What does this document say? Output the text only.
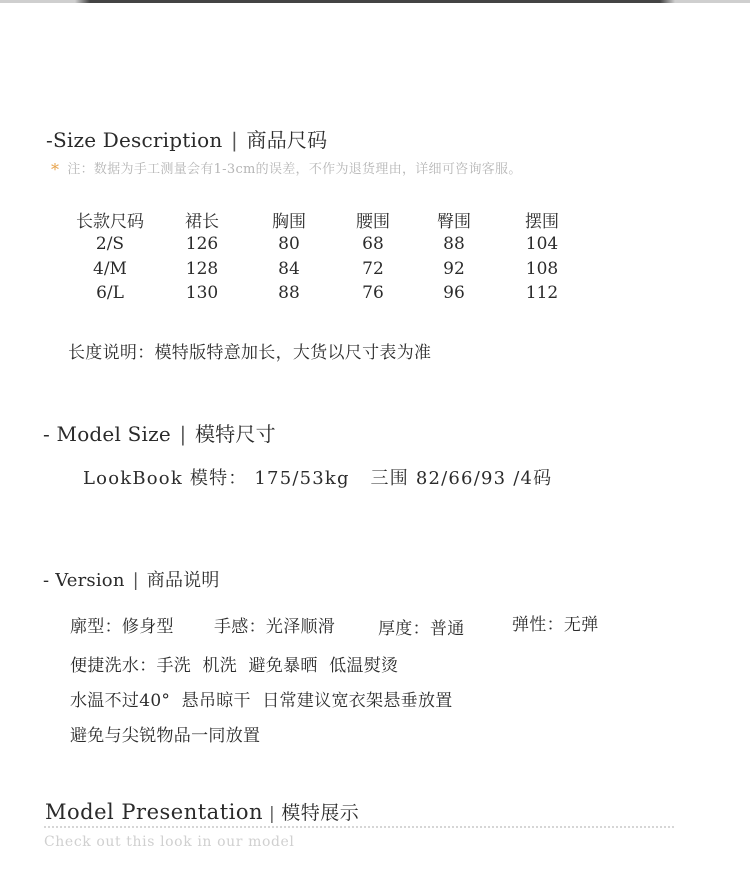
-Size Description | 商品尺码
* 注：数据为手工测量会有1-3cm的误差，不作为退货理由，详细可咨询客服。
长款尺码	裙长	胸围	腰围	臀围	摆围
2/S	126	80	68	88	104
4/M	128	84	72	92	108
6/L	130	88	76	96	112
长度说明：模特版特意加长，大货以尺寸表为准
- Model Size | 模特尺寸
LookBook 模特： 175/53kg   三围 82/66/93 /4码
- Version | 商品说明
廓型：修身型 手感：光泽顺滑	厚度：普通	弹性：无弹
便捷洗水：手洗  机洗  避免暴晒  低温熨烫
水温不过40°  悬吊晾干  日常建议宽衣架悬垂放置
避免与尖锐物品一同放置
Model Presentation | 模特展示
Check out this look in our model
